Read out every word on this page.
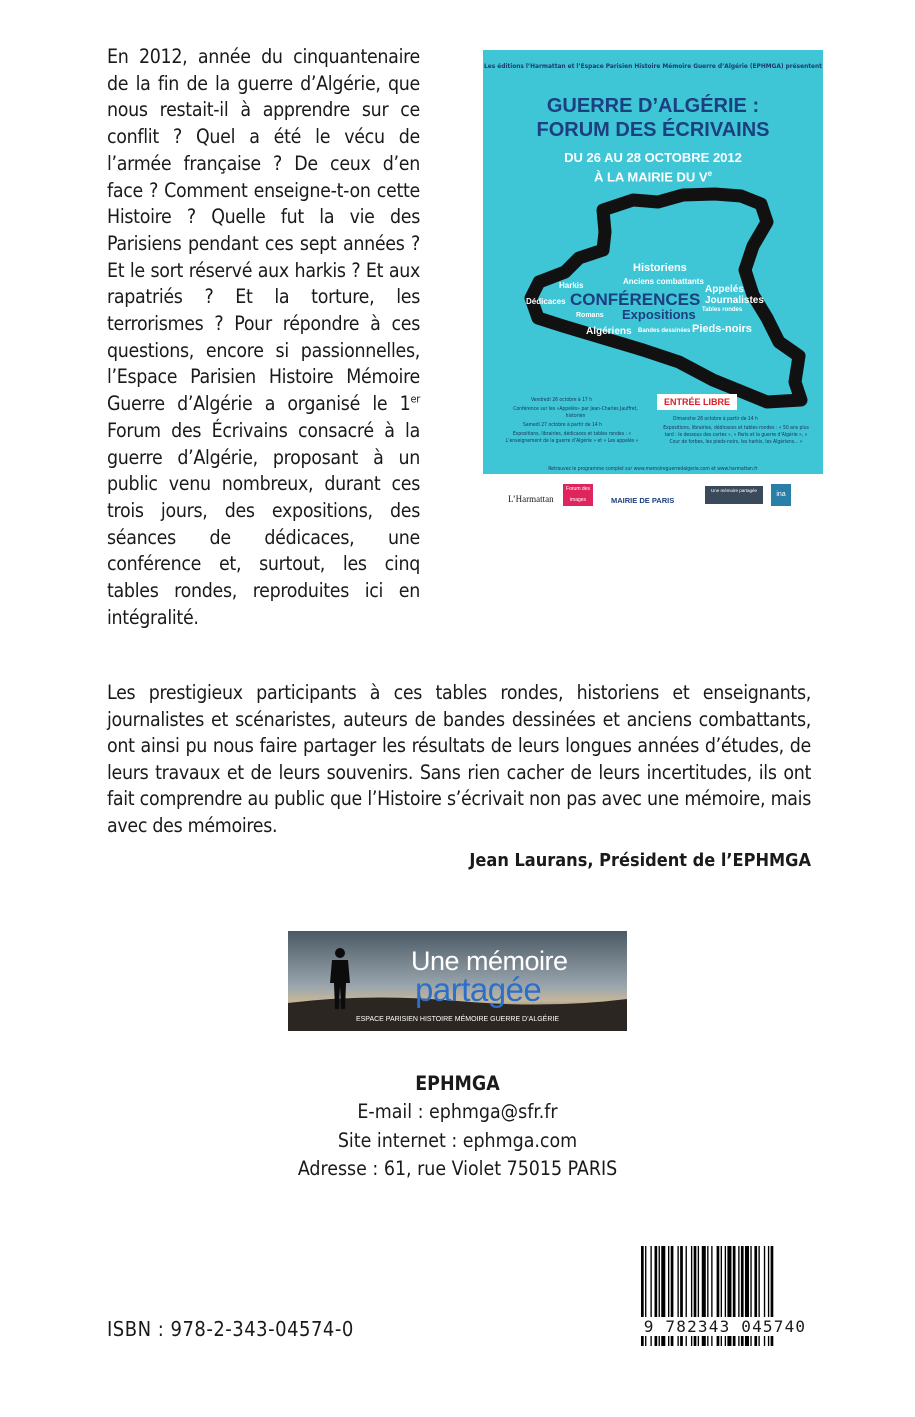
En 2012, année du cinquantenaire de la fin de la guerre d’Algérie, que nous restait-il à apprendre sur ce conflit ? Quel a été le vécu de l’armée française ? De ceux d’en face ? Comment enseigne-t-on cette Histoire ? Quelle fut la vie des Parisiens pendant ces sept années ? Et le sort réservé aux harkis ? Et aux rapatriés ? Et la torture, les terrorismes ? Pour répondre à ces questions, encore si passionnelles, l’Espace Parisien Histoire Mémoire Guerre d’Algérie a organisé le 1er Forum des Écrivains consacré à la guerre d’Algérie, proposant à un public venu nombreux, durant ces trois jours, des expositions, des séances de dédicaces, une conférence et, surtout, les cinq tables rondes, reproduites ici en intégralité.
Les éditions l’Harmattan et l’Espace Parisien Histoire Mémoire Guerre d’Algérie (EPHMGA) présentent
GUERRE D’ALGÉRIE :
FORUM DES ÉCRIVAINS
DU 26 AU 28 OCTOBRE 2012
À LA MAIRIE DU Ve
Historiens
Anciens combattants
Harkis	Appelés
Dédicaces CONFÉRENCES Journalistes
Tables rondes
Expositions
Romans
Algériens Bandes dessinées Pieds-noirs
ENTRÉE LIBRE
Vendredi 26 octobre à 17 h
Conférence sur les «Appelés» par Jean-Charles Jauffret, historien
Samedi 27 octobre à partir de 14 h
Expositions, librairies, dédicaces et tables rondes : « L’enseignement de la guerre d’Algérie » et « Les appelés »
Dimanche 28 octobre à partir de 14 h
Expositions, librairies, dédicaces et tables rondes : « 50 ans plus tard : le dessous des cartes », « Paris et la guerre d’Algérie », « Cour de forbes, les pieds-noirs, les harkis, les Algériens... »
Retrouvez le programme complet sur www.memoireguerredalgerie.com et www.harmattan.fr
L’Harmattan
Forum des images	MAIRIE DE PARIS
Une mémoire partagée
ina
Les prestigieux participants à ces tables rondes, historiens et enseignants, journalistes et scénaristes, auteurs de bandes dessinées et anciens combattants, ont ainsi pu nous faire partager les résultats de leurs longues années d’études, de leurs travaux et de leurs souvenirs. Sans rien cacher de leurs incertitudes, ils ont fait comprendre au public que l’Histoire s’écrivait non pas avec une mémoire, mais avec des mémoires.
Jean Laurans, Président de l’EPHMGA
Une mémoire
partagée
ESPACE PARISIEN HISTOIRE MÉMOIRE GUERRE D’ALGÉRIE
EPHMGA
E-mail : ephmga@sfr.fr
Site internet : ephmga.com
Adresse : 61, rue Violet 75015 PARIS
ISBN : 978-2-343-04574-0	9 782343 045740
